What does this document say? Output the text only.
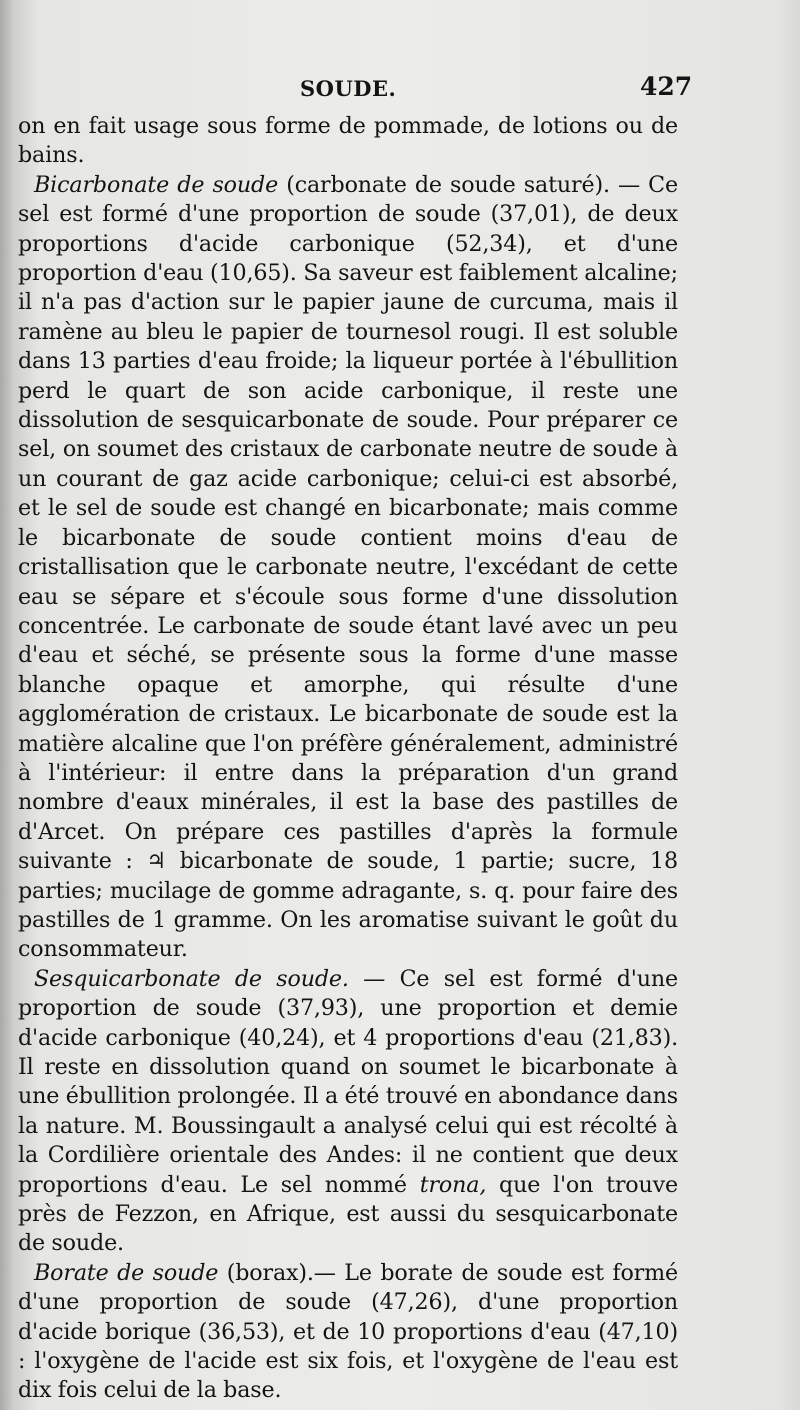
SOUDE.	427

on en fait usage sous forme de pommade, de lotions ou de bains.

Bicarbonate de soude (carbonate de soude saturé). — Ce sel est formé d'une proportion de soude (37,01), de deux proportions d'acide carbonique (52,34), et d'une proportion d'eau (10,65). Sa saveur est faiblement alcaline; il n'a pas d'action sur le papier jaune de curcuma, mais il ramène au bleu le papier de tournesol rougi. Il est soluble dans 13 parties d'eau froide; la liqueur portée à l'ébullition perd le quart de son acide carbonique, il reste une dissolution de sesquicarbonate de soude. Pour préparer ce sel, on soumet des cristaux de carbonate neutre de soude à un courant de gaz acide carbonique; celui-ci est absorbé, et le sel de soude est changé en bicarbonate; mais comme le bicarbonate de soude contient moins d'eau de cristallisation que le carbonate neutre, l'excédant de cette eau se sépare et s'écoule sous forme d'une dissolution concentrée. Le carbonate de soude étant lavé avec un peu d'eau et séché, se présente sous la forme d'une masse blanche opaque et amorphe, qui résulte d'une agglomération de cristaux. Le bicarbonate de soude est la matière alcaline que l'on préfère généralement, administré à l'intérieur: il entre dans la préparation d'un grand nombre d'eaux minérales, il est la base des pastilles de d'Arcet. On prépare ces pastilles d'après la formule suivante : ♃ bicarbonate de soude, 1 partie; sucre, 18 parties; mucilage de gomme adragante, s. q. pour faire des pastilles de 1 gramme. On les aromatise suivant le goût du consommateur.

Sesquicarbonate de soude. — Ce sel est formé d'une proportion de soude (37,93), une proportion et demie d'acide carbonique (40,24), et 4 proportions d'eau (21,83). Il reste en dissolution quand on soumet le bicarbonate à une ébullition prolongée. Il a été trouvé en abondance dans la nature. M. Boussingault a analysé celui qui est récolté à la Cordilière orientale des Andes: il ne contient que deux proportions d'eau. Le sel nommé trona, que l'on trouve près de Fezzon, en Afrique, est aussi du sesquicarbonate de soude.

Borate de soude (borax).— Le borate de soude est formé d'une proportion de soude (47,26), d'une proportion d'acide borique (36,53), et de 10 proportions d'eau (47,10) : l'oxygène de l'acide est six fois, et l'oxygène de l'eau est dix fois celui de la base.
